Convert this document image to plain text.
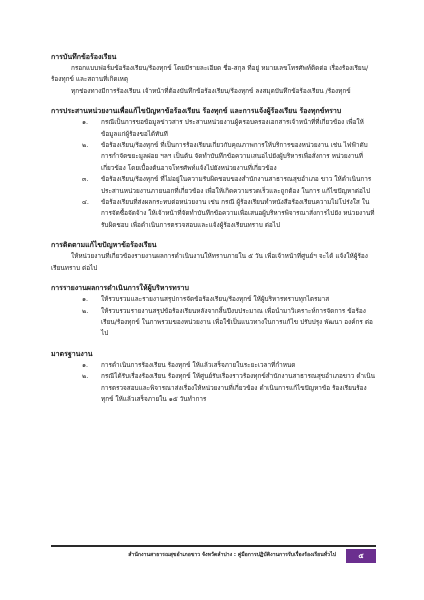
การบันทึกข้อร้องเรียน

กรอกแบบฟอร์มข้อร้องเรียน/ร้องทุกข์ โดยมีรายละเอียด ชื่อ-สกุล ที่อยู่ หมายเลขโทรศัพท์ติดต่อ เรื่องร้องเรียน/ร้องทุกข์ และสถานที่เกิดเหตุ

ทุกช่องทางมีการร้องเรียน เจ้าหน้าที่ต้องบันทึกข้อร้องเรียน/ร้องทุกข์ ลงสมุดบันทึกข้อร้องเรียน /ร้องทุกข์

การประสานหน่วยงานเพื่อแก้ไขปัญหาข้อร้องเรียน ร้องทุกข์ และการแจ้งผู้ร้องเรียน ร้องทุกข์ทราบ

๑. กรณีเป็นการขอข้อมูลข่าวสาร ประสานหน่วยงานผู้ครอบครองเอกสารเจ้าหน้าที่ที่เกี่ยวข้อง เพื่อให้ข้อมูลแก่ผู้ร้องขอได้ทันที
๒. ข้อร้องเรียน/ร้องทุกข์ ที่เป็นการร้องเรียนเกี่ยวกับคุณภาพการให้บริการของหน่วยงาน เช่น ไฟฟ้าดับ การกำจัดขยะมูลฝอย ฯลฯ เป็นต้น จัดทำบันทึกข้อความเสนอไปยังผู้บริหารเพื่อสั่งการ หน่วยงานที่เกี่ยวข้อง โดยเบื้องต้นอาจโทรศัพท์แจ้งไปยังหน่วยงานที่เกี่ยวข้อง
๓. ข้อร้องเรียน/ร้องทุกข์ ที่ไม่อยู่ในความรับผิดชอบของสำนักงานสาธารณสุขอำเภอ ขาว ให้ดำเนินการประสานหน่วยงานภายนอกที่เกี่ยวข้อง เพื่อให้เกิดความรวดเร็วและถูกต้อง ในการ แก้ไขปัญหาต่อไป
๔. ข้อร้องเรียนที่ส่งผลกระทบต่อหน่วยงาน เช่น กรณี ผู้ร้องเรียนทำหนังสือร้องเรียนความไม่โปร่งใส ในการจัดซื้อจัดจ้าง ให้เจ้าหน้าที่จัดทำบันทึกข้อความเพื่อเสนอผู้บริหารพิจารณาสั่งการไปยัง หน่วยงานที่รับผิดชอบ เพื่อดำเนินการตรวจสอบและแจ้งผู้ร้องเรียนทราบ ต่อไป

การติดตามแก้ไขปัญหาข้อร้องเรียน

ให้หน่วยงานที่เกี่ยวข้องรายงานผลการดำเนินงานให้ทราบภายใน ๕ วัน เพื่อเจ้าหน้าที่ศูนย์ฯ จะได้ แจ้งให้ผู้ร้องเรียนทราบ ต่อไป

การรายงานผลการดำเนินการให้ผู้บริหารทราบ

๑. ให้รวบรวมและรายงานสรุปการจัดข้อร้องเรียน/ร้องทุกข์ ให้ผู้บริหารทราบทุกไตรมาส
๒. ให้รวบรวมรายงานสรุปข้อร้องเรียนหลังจากสิ้นปีงบประมาณ เพื่อนำมาวิเคราะห์การจัดการ ข้อร้องเรียน/ร้องทุกข์ ในภาพรวมของหน่วยงาน เพื่อใช้เป็นแนวทางในการแก้ไข ปรับปรุง พัฒนา องค์กร ต่อไป

มาตรฐานงาน

๑. การดำเนินการร้องเรียน ร้องทุกข์ ให้แล้วเสร็จภายในระยะเวลาที่กำหนด
๒. กรณีได้รับเรื่องร้องเรียน ร้องทุกข์ ให้ศูนย์รับเรื่องราวร้องทุกข์สำนักงานสาธารณสุขอำเภอขาว ดำเนินการตรวจสอบและพิจารณาส่งเรื่องให้หน่วยงานที่เกี่ยวข้อง ดำเนินการแก้ไขปัญหาข้อ ร้องเรียนร้องทุกข์ ให้แล้วเสร็จภายใน ๑๕ วันทำการ
สำนักงานสาธารณสุขอำเภอขาว จังหวัดลำปาง : คู่มือการปฏิบัติงานการรับเรื่องร้องเรียนทั่วไป	๕
